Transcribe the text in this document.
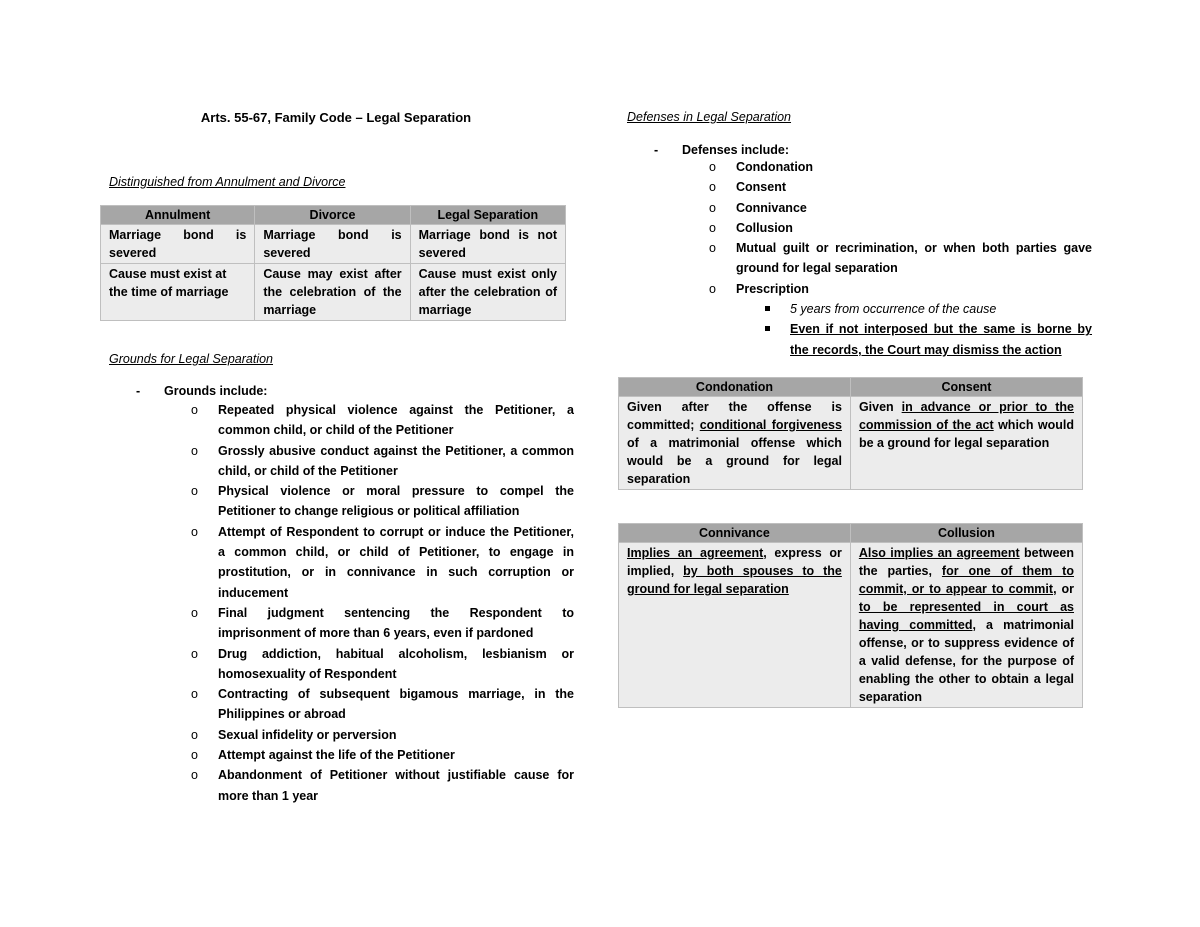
Arts. 55-67, Family Code – Legal Separation
Distinguished from Annulment and Divorce
Annulment	Divorce	Legal Separation
Marriage bond is severed	Marriage bond is severed	Marriage bond is not severed
Cause must exist at the time of marriage	Cause may exist after the celebration of the marriage	Cause must exist only after the celebration of marriage
Grounds for Legal Separation
- Grounds include:
o Repeated physical violence against the Petitioner, a common child, or child of the Petitioner
o Grossly abusive conduct against the Petitioner, a common child, or child of the Petitioner
o Physical violence or moral pressure to compel the Petitioner to change religious or political affiliation
o Attempt of Respondent to corrupt or induce the Petitioner, a common child, or child of Petitioner, to engage in prostitution, or in connivance in such corruption or inducement
o Final judgment sentencing the Respondent to imprisonment of more than 6 years, even if pardoned
o Drug addiction, habitual alcoholism, lesbianism or homosexuality of Respondent
o Contracting of subsequent bigamous marriage, in the Philippines or abroad
o Sexual infidelity or perversion
o Attempt against the life of the Petitioner
o Abandonment of Petitioner without justifiable cause for more than 1 year
Defenses in Legal Separation
- Defenses include:
o Condonation
o Consent
o Connivance
o Collusion
o Mutual guilt or recrimination, or when both parties gave ground for legal separation
o Prescription
5 years from occurrence of the cause
Even if not interposed but the same is borne by the records, the Court may dismiss the action
Condonation	Consent
Given after the offense is committed; conditional forgiveness of a matrimonial offense which would be a ground for legal separation	Given in advance or prior to the commission of the act which would be a ground for legal separation
Connivance	Collusion
Implies an agreement, express or implied, by both spouses to the ground for legal separation	Also implies an agreement between the parties, for one of them to commit, or to appear to commit, or to be represented in court as having committed, a matrimonial offense, or to suppress evidence of a valid defense, for the purpose of enabling the other to obtain a legal separation
